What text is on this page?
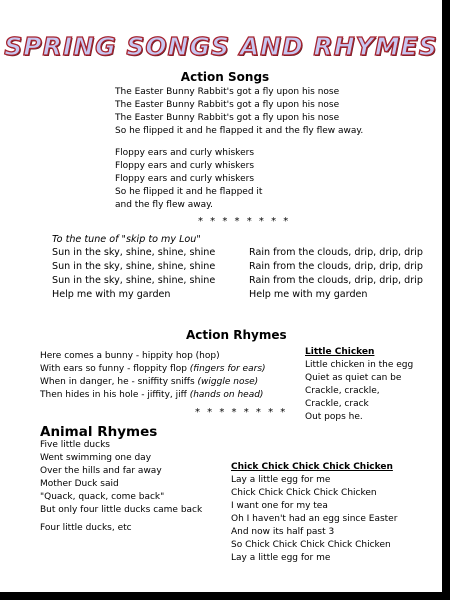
SPRING SONGS AND RHYMES
Action Songs
The Easter Bunny Rabbit's got a fly upon his nose
The Easter Bunny Rabbit's got a fly upon his nose
The Easter Bunny Rabbit's got a fly upon his nose
So he flipped it and he flapped it and the fly flew away.
Floppy ears and curly whiskers
Floppy ears and curly whiskers
Floppy ears and curly whiskers
So he flipped it and he flapped it
and the fly flew away.
* * * * * * * *
To the tune of "skip to my Lou"
Sun in the sky, shine, shine, shine
Sun in the sky, shine, shine, shine
Sun in the sky, shine, shine, shine
Help me with my garden
Rain from the clouds, drip, drip, drip
Rain from the clouds, drip, drip, drip
Rain from the clouds, drip, drip, drip
Help me with my garden
Action Rhymes
Here comes a bunny - hippity hop (hop)
With ears so funny - floppity flop (fingers for ears)
When in danger, he - sniffity sniffs (wiggle nose)
Then hides in his hole - jiffity, jiff (hands on head)
Little Chicken
Little chicken in the egg
Quiet as quiet can be
Crackle, crackle,
Crackle, crack
Out pops he.
* * * * * * * *
Animal Rhymes
Five little ducks
Went swimming one day
Over the hills and far away
Mother Duck said
"Quack, quack, come back"
But only four little ducks came back
Four little ducks, etc
Chick Chick Chick Chick Chicken
Lay a little egg for me
Chick Chick Chick Chick Chicken
I want one for my tea
Oh I haven't had an egg since Easter
And now its half past 3
So Chick Chick Chick Chick Chicken
Lay a little egg for me
